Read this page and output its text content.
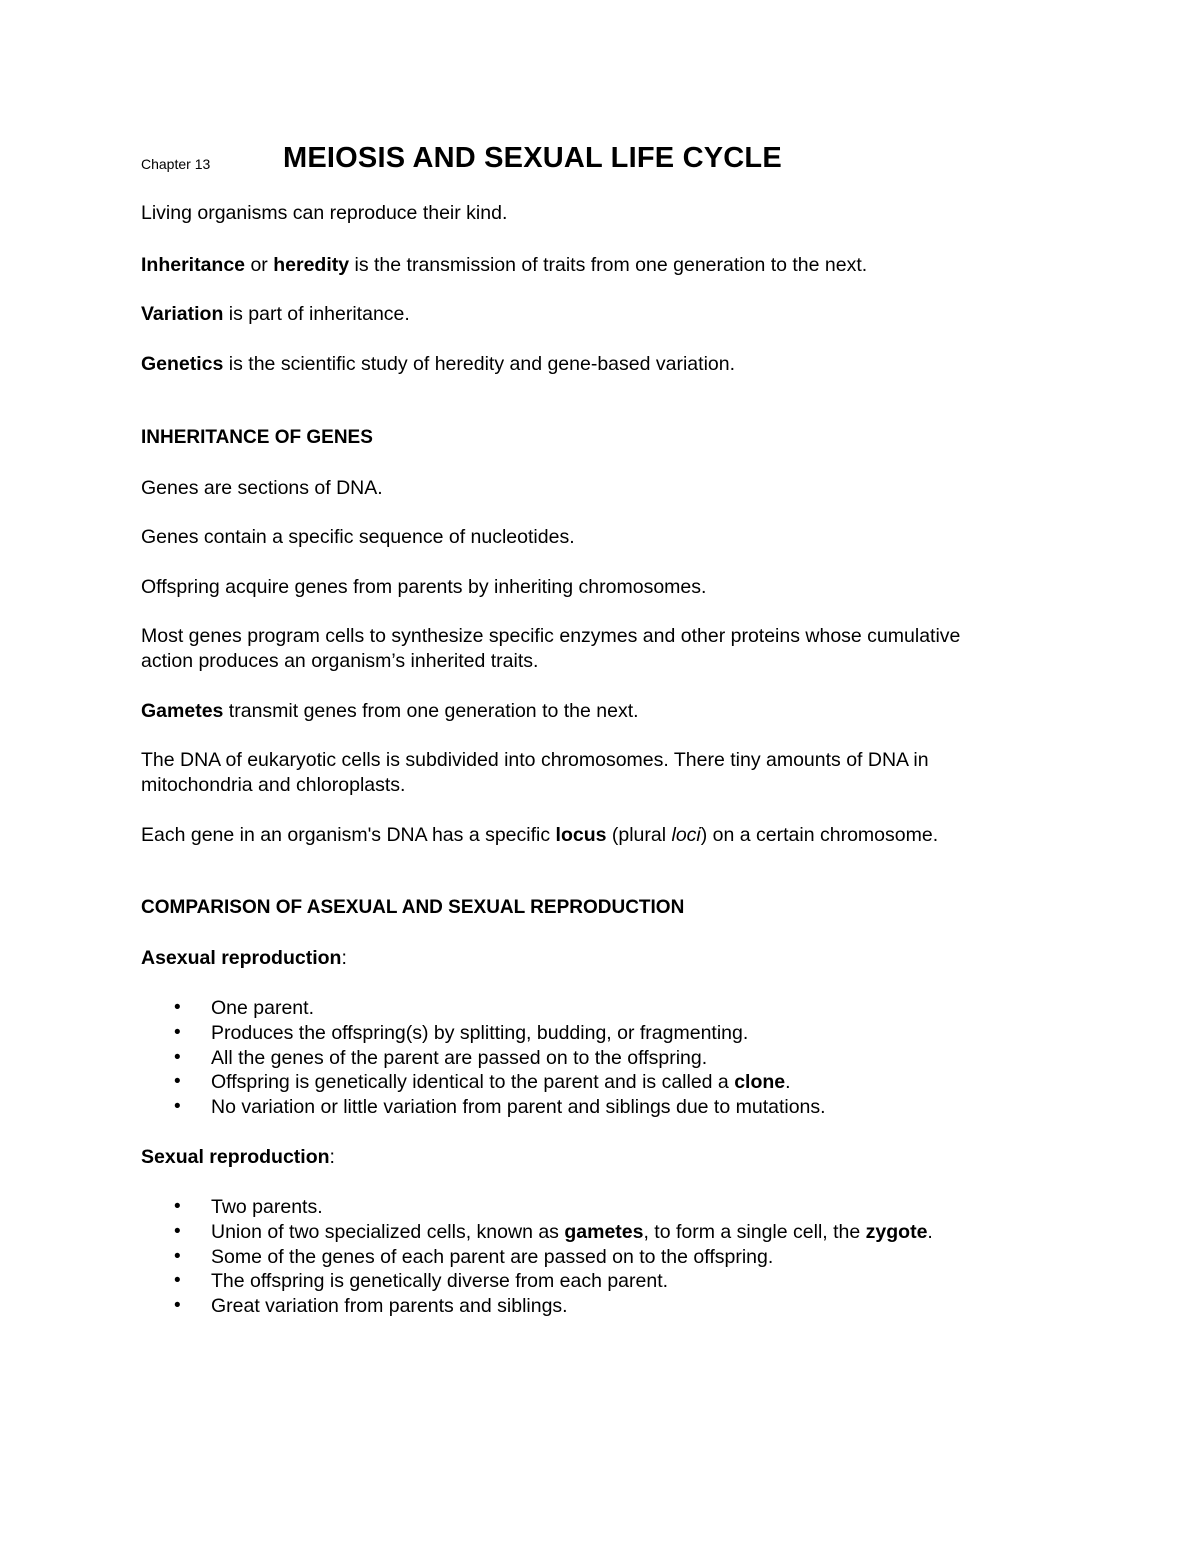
Chapter 13	MEIOSIS AND SEXUAL LIFE CYCLE

Living organisms can reproduce their kind.

Inheritance or heredity is the transmission of traits from one generation to the next.

Variation is part of inheritance.

Genetics is the scientific study of heredity and gene-based variation.

INHERITANCE OF GENES

Genes are sections of DNA.

Genes contain a specific sequence of nucleotides.

Offspring acquire genes from parents by inheriting chromosomes.

Most genes program cells to synthesize specific enzymes and other proteins whose cumulative
action produces an organism’s inherited traits.

Gametes transmit genes from one generation to the next.

The DNA of eukaryotic cells is subdivided into chromosomes. There tiny amounts of DNA in
mitochondria and chloroplasts.

Each gene in an organism's DNA has a specific locus (plural loci) on a certain chromosome.

COMPARISON OF ASEXUAL AND SEXUAL REPRODUCTION

Asexual reproduction:

• One parent.
• Produces the offspring(s) by splitting, budding, or fragmenting.
• All the genes of the parent are passed on to the offspring.
• Offspring is genetically identical to the parent and is called a clone.
• No variation or little variation from parent and siblings due to mutations.

Sexual reproduction:

• Two parents.
• Union of two specialized cells, known as gametes, to form a single cell, the zygote.
• Some of the genes of each parent are passed on to the offspring.
• The offspring is genetically diverse from each parent.
• Great variation from parents and siblings.
